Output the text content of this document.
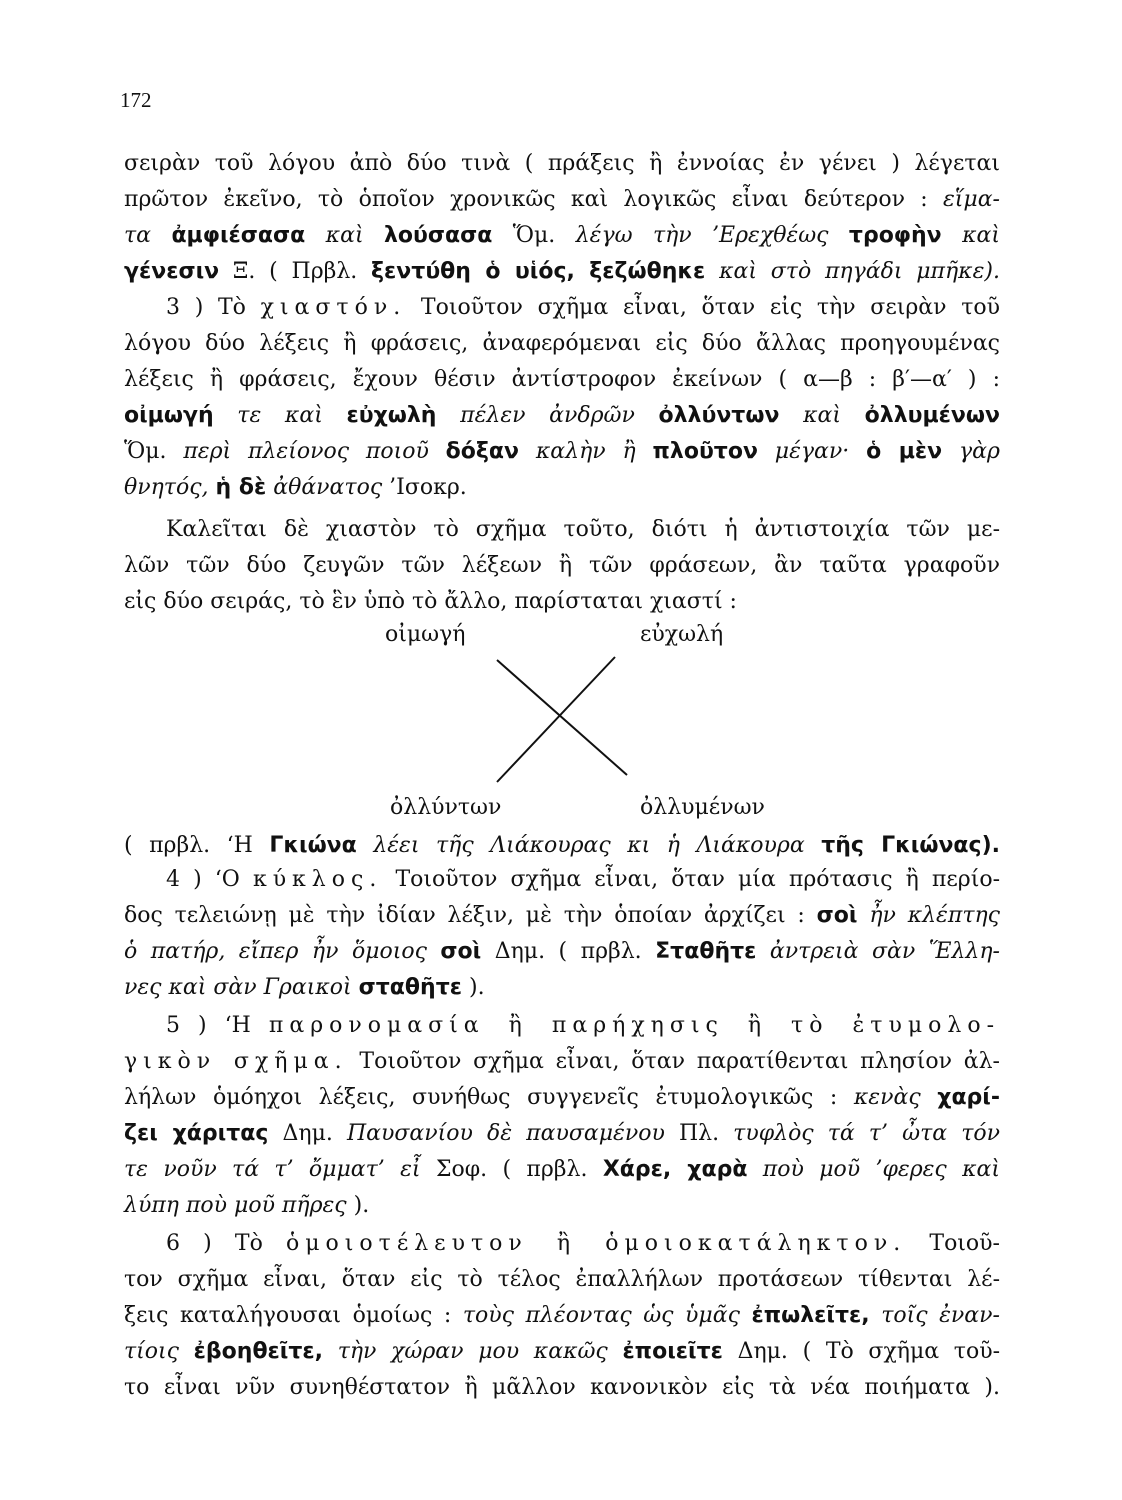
172
σειρὰν τοῦ λόγου ἀπὸ δύο τινὰ ( πράξεις ἢ ἐννοίας ἐν γένει ) λέγεται
πρῶτον ἐκεῖνο, τὸ ὁποῖον χρονικῶς καὶ λογικῶς εἶναι δεύτερον : εἵμα-
τα ἀμφιέσασα καὶ λούσασα Ὅμ. λέγω τὴν ’Ερεχθέως τροφὴν καὶ
γένεσιν Ξ. ( Πρβλ. ξεντύθη ὁ υἱός, ξεζώθηκε καὶ στὸ πηγάδι μπῆκε).
3 ) Τὸ χιαστόν. Τοιοῦτον σχῆμα εἶναι, ὅταν εἰς τὴν σειρὰν τοῦ
λόγου δύο λέξεις ἢ φράσεις, ἀναφερόμεναι εἰς δύο ἄλλας προηγουμένας
λέξεις ἢ φράσεις, ἔχουν θέσιν ἀντίστροφον ἐκείνων ( α—β : β′—α′ ) :
οἰμωγή τε καὶ εὐχωλὴ πέλεν ἀνδρῶν ὀλλύντων καὶ ὀλλυμένων
Ὅμ. περὶ πλείονος ποιοῦ δόξαν καλὴν ἢ πλοῦτον μέγαν· ὁ μὲν γὰρ
θνητός, ἡ δὲ ἀθάνατος ’Ισοκρ.
Καλεῖται δὲ χιαστὸν τὸ σχῆμα τοῦτο, διότι ἡ ἀντιστοιχία τῶν με-
λῶν τῶν δύο ζευγῶν τῶν λέξεων ἢ τῶν φράσεων, ἂν ταῦτα γραφοῦν
εἰς δύο σειράς, τὸ ἓν ὑπὸ τὸ ἄλλο, παρίσταται χιαστί :
οἰμωγή	εὐχωλή
ὀλλύντων	ὀλλυμένων
( πρβλ. ‘Η Γκιώνα λέει τῆς Λιάκουρας κι ἡ Λιάκουρα τῆς Γκιώνας).
4 ) ‘Ο κύκλος. Τοιοῦτον σχῆμα εἶναι, ὅταν μία πρότασις ἢ περίο-
δος τελειώνῃ μὲ τὴν ἰδίαν λέξιν, μὲ τὴν ὁποίαν ἀρχίζει : σοὶ ἦν κλέπτης
ὁ πατήρ, εἴπερ ἦν ὅμοιος σοὶ Δημ. ( πρβλ. Σταθῆτε ἀντρειὰ σὰν Ἕλλη-
νες καὶ σὰν Γραικοὶ σταθῆτε ).
5 ) ‘Η παρονομασία ἢ παρήχησις ἢ τὸ ἐτυμολο-
γικὸν σχῆμα. Τοιοῦτον σχῆμα εἶναι, ὅταν παρατίθενται πλησίον ἀλ-
λήλων ὁμόηχοι λέξεις, συνήθως συγγενεῖς ἐτυμολογικῶς : κενὰς χαρί-
ζει χάριτας Δημ. Παυσανίου δὲ παυσαμένου Πλ. τυφλὸς τά τ’ ὦτα τόν
τε νοῦν τά τ’ ὄμματ’ εἶ Σοφ. ( πρβλ. Χάρε, χαρὰ ποὺ μοῦ ’φερες καὶ
λύπη ποὺ μοῦ πῆρες ).
6 ) Τὸ ὁμοιοτέλευτον ἢ ὁμοιοκατάληκτον. Τοιοῦ-
τον σχῆμα εἶναι, ὅταν εἰς τὸ τέλος ἐπαλλήλων προτάσεων τίθενται λέ-
ξεις καταλήγουσαι ὁμοίως : τοὺς πλέοντας ὡς ὑμᾶς ἐπωλεῖτε, τοῖς ἐναν-
τίοις ἐβοηθεῖτε, τὴν χώραν μου κακῶς ἐποιεῖτε Δημ. ( Τὸ σχῆμα τοῦ-
το εἶναι νῦν συνηθέστατον ἢ μᾶλλον κανονικὸν εἰς τὰ νέα ποιήματα ).
